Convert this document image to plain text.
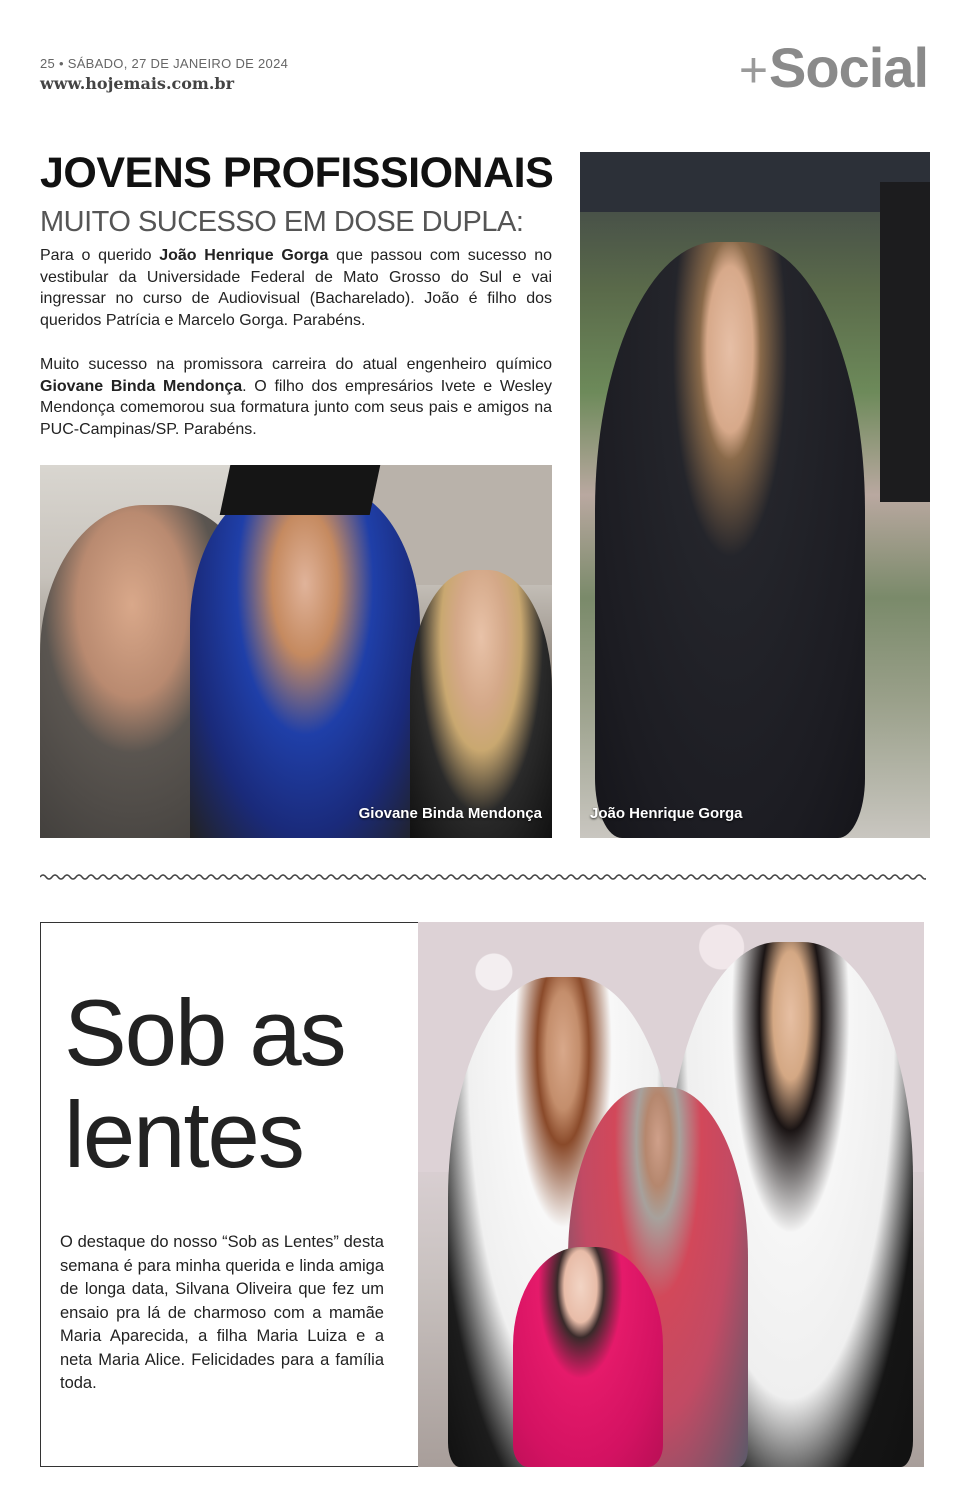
25 • SÁBADO, 27 DE JANEIRO DE 2024
www.hojemais.com.br	+Social
JOVENS PROFISSIONAIS
MUITO SUCESSO EM DOSE DUPLA:

Para o querido João Henrique Gorga que passou com sucesso no vestibular da Universidade Federal de Mato Grosso do Sul e vai ingressar no curso de Audiovisual (Bacharelado). João é filho dos queridos Patrícia e Marcelo Gorga. Parabéns.

Muito sucesso na promissora carreira do atual engenheiro químico Giovane Binda Mendonça. O filho dos empresários Ivete e Wesley Mendonça comemorou sua formatura junto com seus pais e amigos na PUC-Campinas/SP. Parabéns.

Giovane Binda Mendonça	João Henrique Gorga
Sob as
lentes

O destaque do nosso “Sob as Lentes” desta semana é para minha querida e linda amiga de longa data, Silvana Oliveira que fez um ensaio pra lá de charmoso com a mamãe Maria Aparecida, a filha Maria Luiza e a neta Maria Alice. Felicidades para a família toda.
